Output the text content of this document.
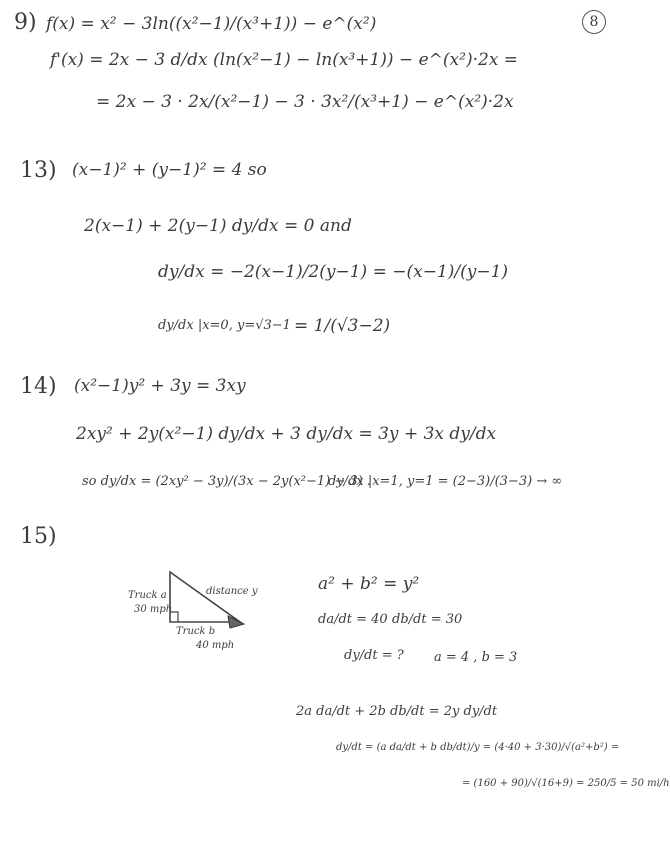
8
9) f(x) = x² − 3ln((x²−1)/(x³+1)) − e^(x²)
f'(x) = 2x − 3 d/dx (ln(x²−1) − ln(x³+1)) − e^(x²)·2x =
= 2x − 3 · 2x/(x²−1) − 3 · 3x²/(x³+1) − e^(x²)·2x
13) (x−1)² + (y−1)² = 4 so
2(x−1) + 2(y−1) dy/dx = 0 and
dy/dx = −2(x−1)/2(y−1) = −(x−1)/(y−1)
dy/dx |x=0, y=√3−1 = 1/(√3−2)
14) (x²−1)y² + 3y = 3xy
2xy² + 2y(x²−1) dy/dx + 3 dy/dx = 3y + 3x dy/dx
so dy/dx = (2xy² − 3y)/(3x − 2y(x²−1) − 3) .
dy/dx |x=1, y=1 = (2−3)/(3−3) → ∞
15)
Truck a
30 mph
distance y
Truck b
40 mph
a² + b² = y²
da/dt = 40 db/dt = 30
dy/dt = ? a = 4 , b = 3
2a da/dt + 2b db/dt = 2y dy/dt
dy/dt = (a da/dt + b db/dt)/y = (4·40 + 3·30)/√(a²+b²) =
= (160 + 90)/√(16+9) = 250/5 = 50 mi/h
